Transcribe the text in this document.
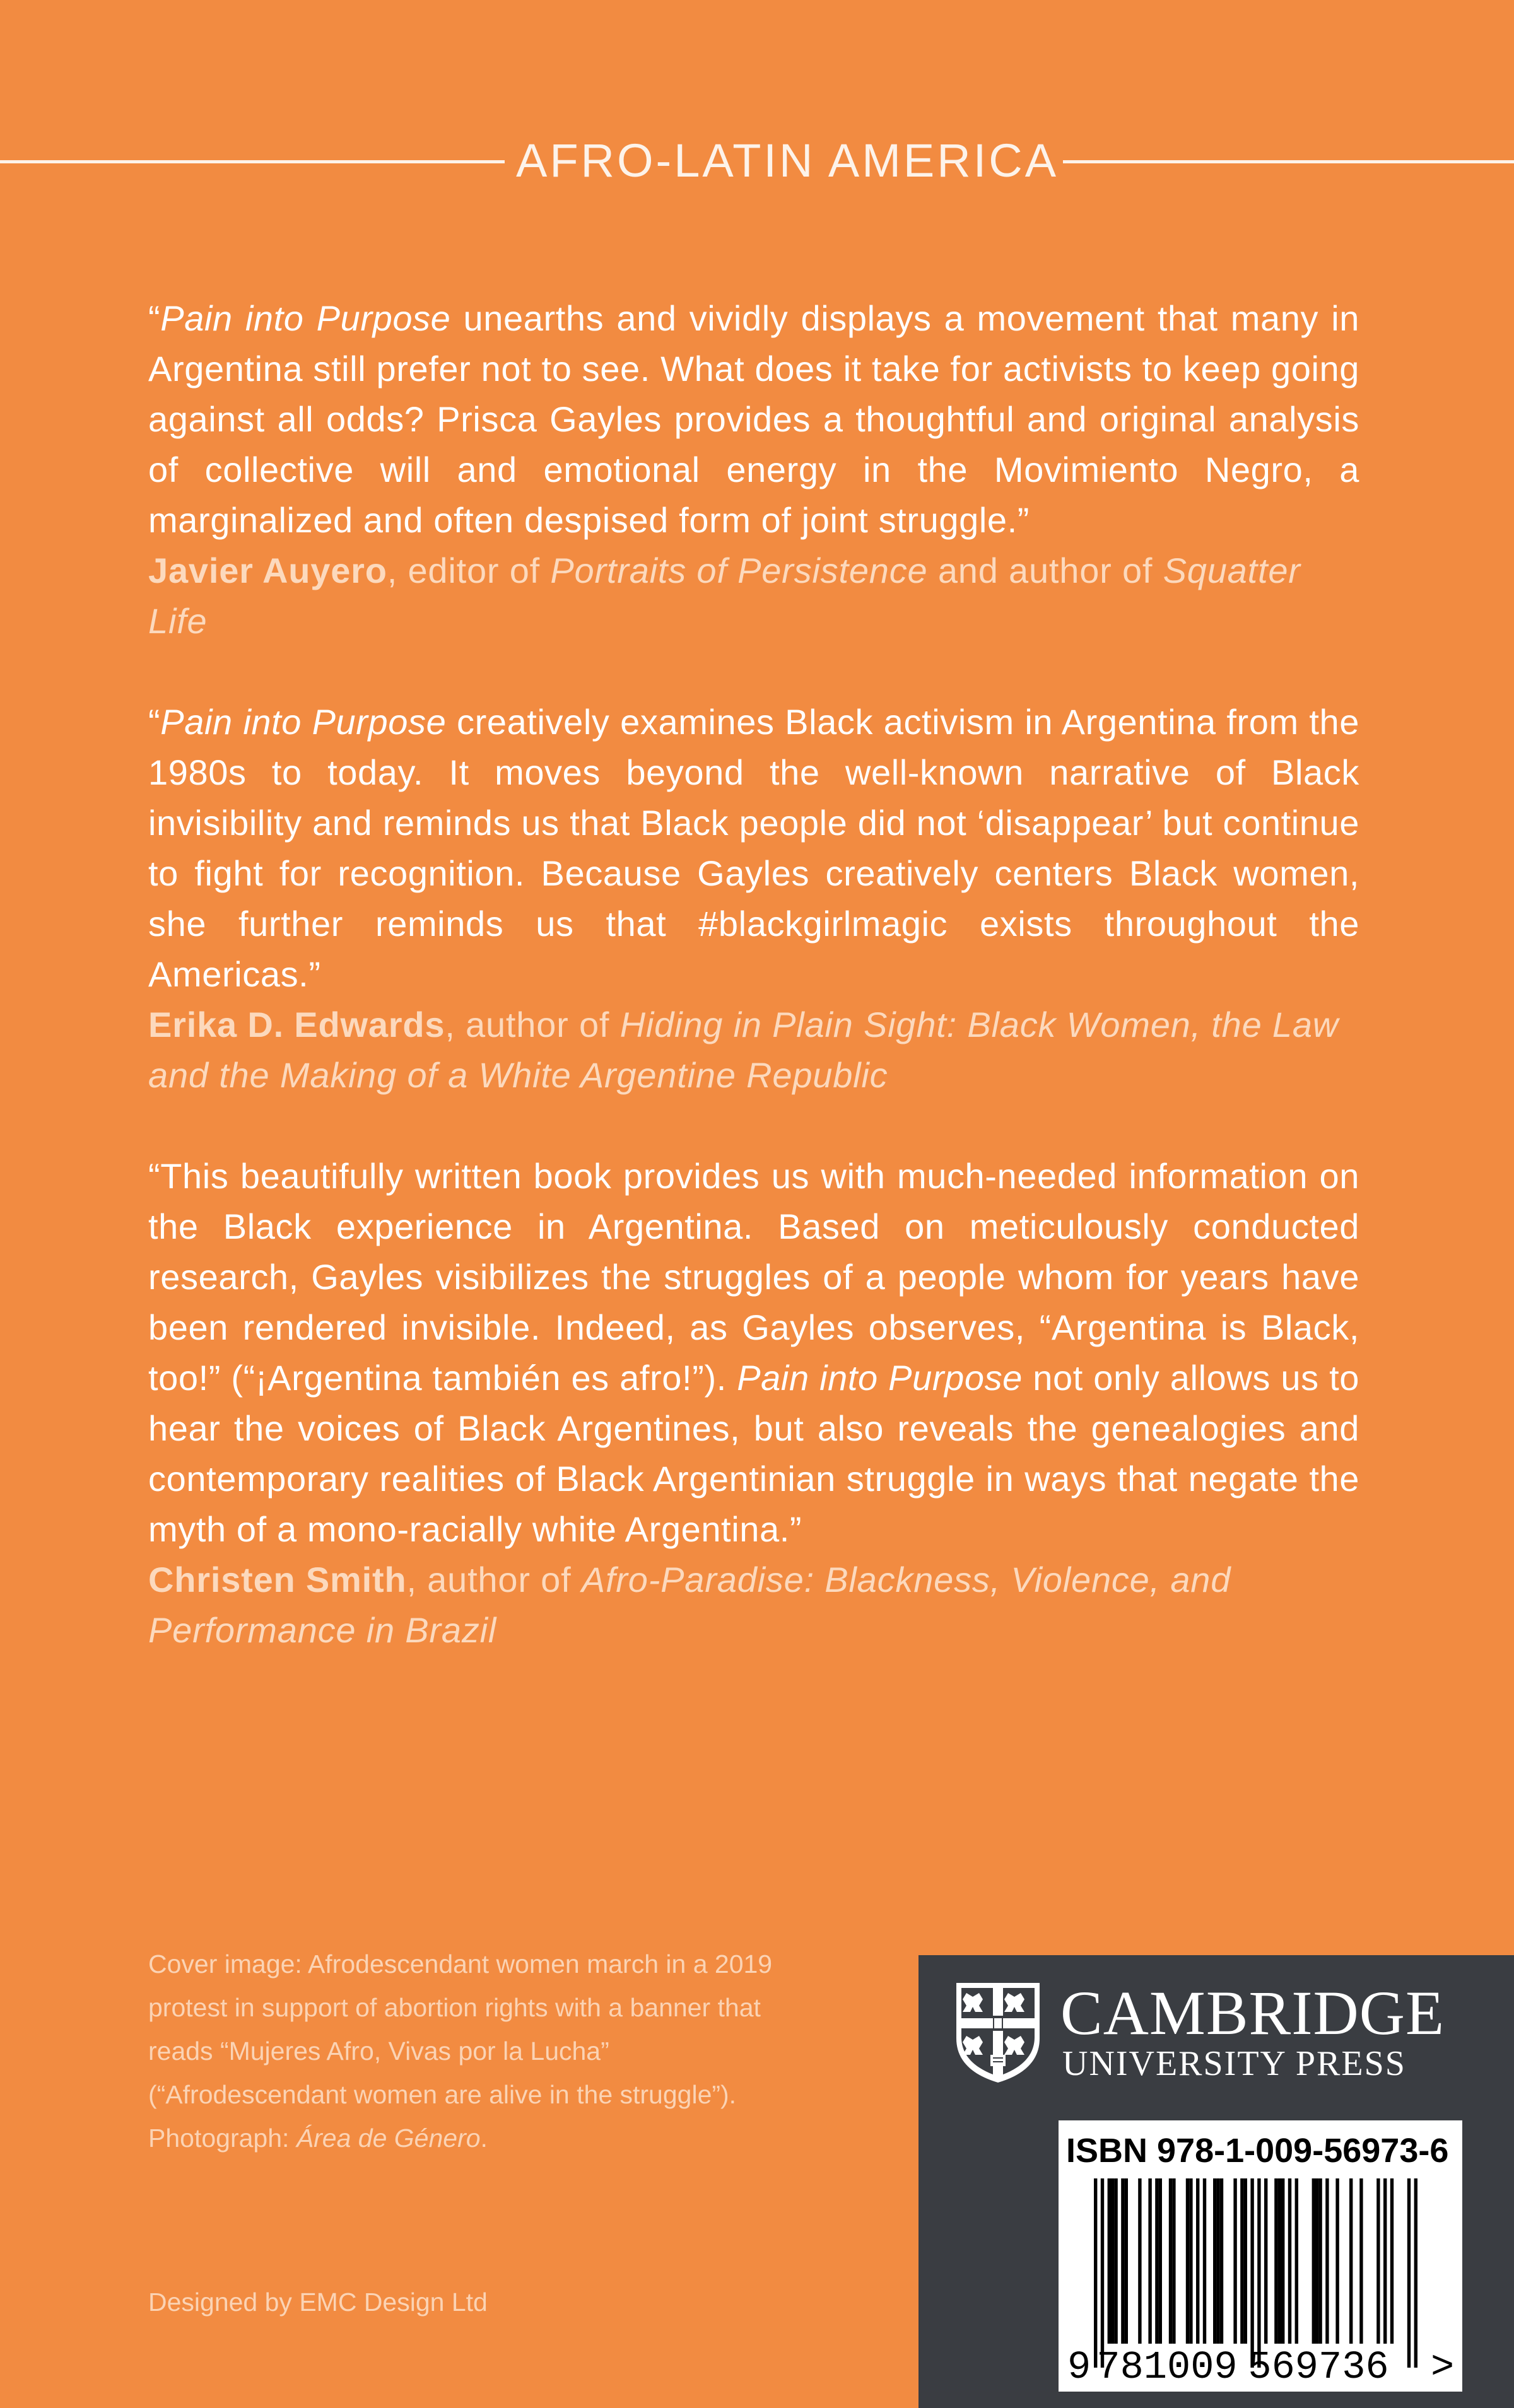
AFRO-LATIN AMERICA

“Pain into Purpose unearths and vividly displays a movement that many in Argentina still prefer not to see. What does it take for activists to keep going against all odds? Prisca Gayles provides a thoughtful and original analysis of collective will and emotional energy in the Movimiento Negro, a marginalized and often despised form of joint struggle.”

Javier Auyero, editor of Portraits of Persistence and author of Squatter Life

“Pain into Purpose creatively examines Black activism in Argentina from the 1980s to today. It moves beyond the well-known narrative of Black invisibility and reminds us that Black people did not ‘disappear’ but continue to fight for recognition. Because Gayles creatively centers Black women, she further reminds us that #blackgirlmagic exists throughout the Americas.”

Erika D. Edwards, author of Hiding in Plain Sight: Black Women, the Law and the Making of a White Argentine Republic

“This beautifully written book provides us with much-needed information on the Black experience in Argentina. Based on meticulously conducted research, Gayles visibilizes the struggles of a people whom for years have been rendered invisible. Indeed, as Gayles observes, “Argentina is Black, too!” (“¡Argentina también es afro!”). Pain into Purpose not only allows us to hear the voices of Black Argentines, but also reveals the genealogies and contemporary realities of Black Argentinian struggle in ways that negate the myth of a mono-racially white Argentina.”

Christen Smith, author of Afro-Paradise: Blackness, Violence, and Performance in Brazil

Cover image: Afrodescendant women march in a 2019 protest in support of abortion rights with a banner that reads “Mujeres Afro, Vivas por la Lucha” (“Afrodescendant women are alive in the struggle”). Photograph: Área de Género.

Designed by EMC Design Ltd

CAMBRIDGE
UNIVERSITY PRESS
ISBN 978-1-009-56973-6
9 781009 569736 >
